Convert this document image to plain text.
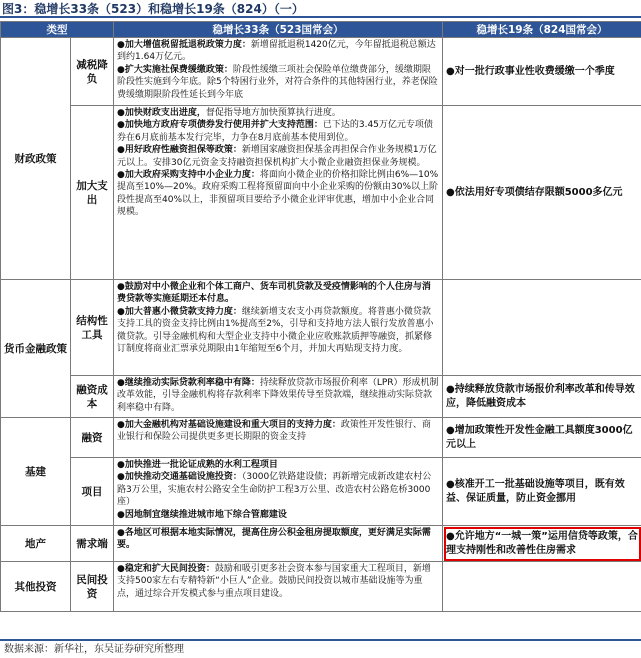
图3：稳增长33条（523）和稳增长19条（824）（一）
类型		稳增长33条（523国常会）	稳增长19条（824国常会）
财政政策	减税降负	●加大增值税留抵退税政策力度：新增留抵退税1420亿元，今年留抵退税总额达到约1.64万亿元。
●扩大实施社保费缓缴政策：阶段性缓缴三项社会保险单位缴费部分，缓缴期限阶段性实施到今年底。除5个特困行业外，对符合条件的其他特困行业，养老保险费缓缴期限阶段性延长到今年底	●对一批行政事业性收费缓缴一个季度
	加大支出	●加快财政支出进度，督促指导地方加快预算执行进度。
●加快地方政府专项债券发行使用并扩大支持范围：已下达的3.45万亿元专项债券在6月底前基本发行完毕，力争在8月底前基本使用到位。
●用好政府性融资担保等政策：新增国家融资担保基金再担保合作业务规模1万亿元以上。安排30亿元资金支持融资担保机构扩大小微企业融资担保业务规模。
●加大政府采购支持中小企业力度：将面向小微企业的价格扣除比例由6%—10%提高至10%—20%。政府采购工程将预留面向中小企业采购的份额由30%以上阶段性提高至40%以上，非预留项目要给予小微企业评审优惠，增加中小企业合同规模。	●依法用好专项债结存限额5000多亿元
货币金融政策	结构性工具	●鼓励对中小微企业和个体工商户、货车司机贷款及受疫情影响的个人住房与消费贷款等实施延期还本付息。
●加大普惠小微贷款支持力度：继续新增支农支小再贷款额度。将普惠小微贷款支持工具的资金支持比例由1%提高至2%，引导和支持地方法人银行发放普惠小微贷款。引导金融机构和大型企业支持中小微企业应收账款质押等融资，抓紧修订制度将商业汇票承兑期限由1年缩短至6个月，并加大再贴现支持力度。	

	融资成本	●继续推动实际贷款利率稳中有降：持续释放贷款市场报价利率（LPR）形成机制改革效能，引导金融机构将存款利率下降效果传导至贷款端，继续推动实际贷款利率稳中有降。	●持续释放贷款市场报价利率改革和传导效应，降低融资成本
基建	融资	●加大金融机构对基础设施建设和重大项目的支持力度：政策性开发性银行、商业银行和保险公司提供更多更长期限的资金支持	●增加政策性开发性金融工具额度3000亿元以上
	项目	●加快推进一批论证成熟的水利工程项目
●加快推动交通基础设施投资：（3000亿铁路建设债；再新增完成新改建农村公路3万公里，实施农村公路安全生命防护工程3万公里、改造农村公路危桥3000座）
●因地制宜继续推进城市地下综合管廊建设	●核准开工一批基础设施等项目，既有效益、保证质量，防止资金挪用
地产	需求端	●各地区可根据本地实际情况，提高住房公积金租房提取额度，更好满足实际需要。	●允许地方“一城一策”运用信贷等政策，合理支持刚性和改善性住房需求
其他投资	民间投资	●稳定和扩大民间投资：鼓励和吸引更多社会资本参与国家重大工程项目，新增支持500家左右专精特新“小巨人”企业。鼓励民间投资以城市基础设施等为重点，通过综合开发模式参与重点项目建设。	

数据来源：新华社，东吴证券研究所整理
